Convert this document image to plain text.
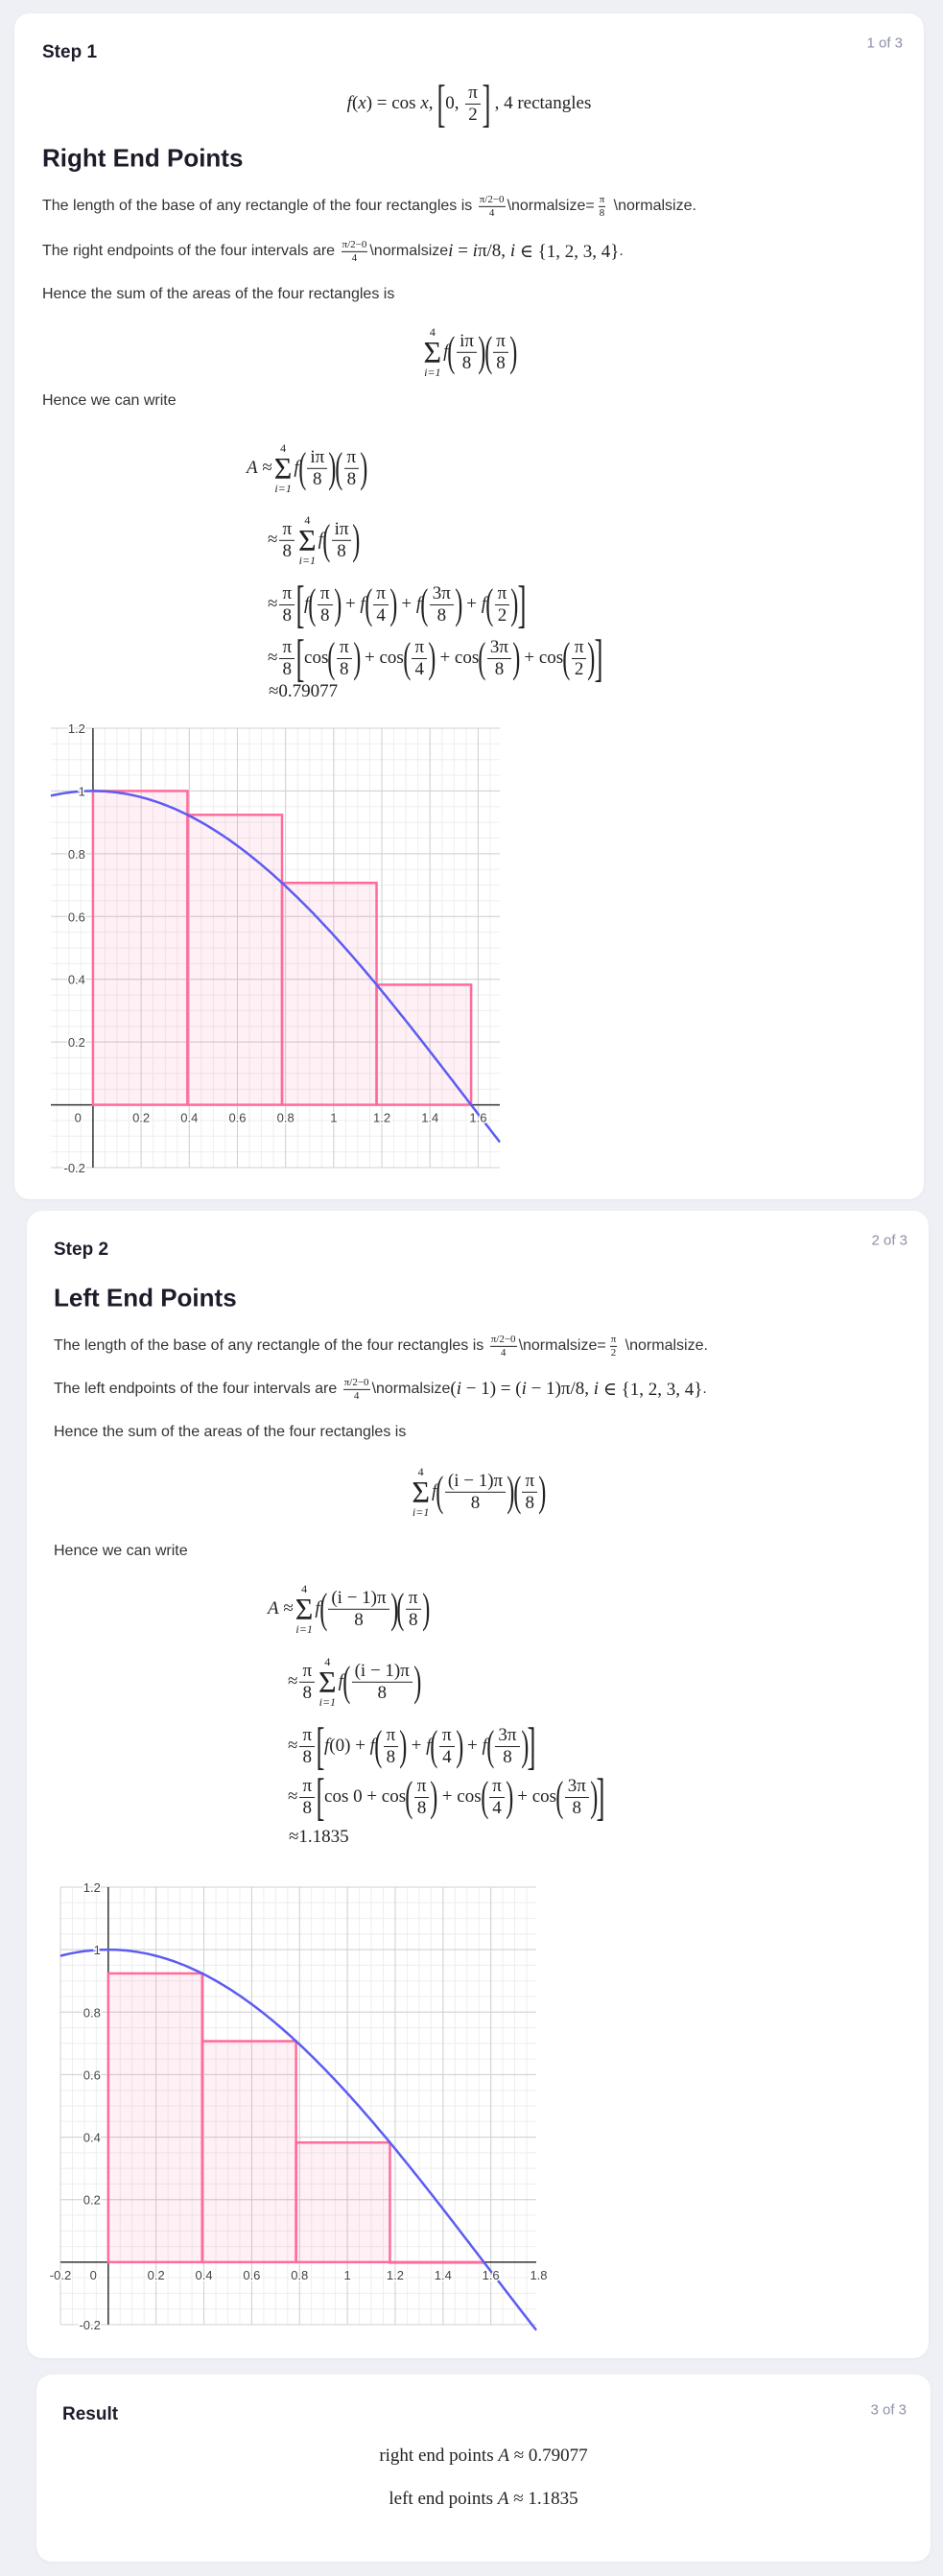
Step 1	1 of 3
f ( x ) = cos x , [ 0, $\frac{\pi}{2}$ ] , 4 rectangles
Right End Points
The length of the base of any rectangle of the four rectangles is $\frac{\pi/2-0}{4}$ \normalsize= $\frac{\pi}{8}$ \normalsize.
The right endpoints of the four intervals are $\frac{\pi/2-0}{4}$ \normalsize i = i π/8, i ∈ {1, 2, 3, 4} .
Hence the sum of the areas of the four rectangles is
4
Σ
i=1
f ( $\frac{i\pi}{8}$ )
( $\frac{\pi}{8}$ )
Hence we can write
A ≈
4
Σ
i=1
f ( $\frac{i\pi}{8}$ )
( $\frac{\pi}{8}$ )
≈ $\frac{\pi}{8} 4$
Σ
i=1
f ( $\frac{i\pi}{8}$ )
≈ $\frac{\pi}{8}$ [ f ( $\frac{\pi}{8}$ ) + f ( $\frac{\pi}{4}$ ) + f ( $\frac{3\pi}{8}$ ) + f ( $\frac{\pi}{2}$ )
]
≈ $\frac{\pi}{8}$ [ cos ( $\frac{\pi}{8}$ ) + cos ( $\frac{\pi}{4}$ ) + cos ( $\frac{3\pi}{8}$ ) + cos ( $\frac{\pi}{2}$ )
]
≈0.79077
0.2 0.4 0.6 0.8	1	1.2 1.4 1.6
-0.2
0.2
0.4
0.6
0.8
1
1.2
0
Step 2	2 of 3
Left End Points
The length of the base of any rectangle of the four rectangles is $\frac{\pi/2-0}{4}$ \normalsize= $\frac{\pi}{2}$ \normalsize.
The left endpoints of the four intervals are $\frac{\pi/2-0}{4}$ \normalsize ( i − 1) = ( i − 1)π/8, i ∈ {1, 2, 3, 4} .
Hence the sum of the areas of the four rectangles is
4
Σ
i=1
f ( $\frac{(i - 1)\pi}{8}$ )
( $\frac{\pi}{8}$ )
Hence we can write
A ≈
4
Σ
i=1
f ( $\frac{(i - 1)\pi}{8}$ )
( $\frac{\pi}{8}$ )
≈ $\frac{\pi}{8} 4$
Σ
i=1
f ( $\frac{(i - 1)\pi}{8}$ )
≈ $\frac{\pi}{8}$ [ f (0) + f ( $\frac{\pi}{8}$ ) + f ( $\frac{\pi}{4}$ ) + f ( $\frac{3\pi}{8}$ )
]
≈ $\frac{\pi}{8}$ [ cos 0 + cos ( $\frac{\pi}{8}$ ) + cos ( $\frac{\pi}{4}$ ) + cos ( $\frac{3\pi}{8}$ )
]
≈1.1835
-0.2	0.2 0.4 0.6 0.8	1	1.2 1.4 1.6 1.8
-0.2
0.2
0.4
0.6
0.8
1
1.2
0
Result	3 of 3
right end points A ≈ 0.79077
left end points A ≈ 1.1835
